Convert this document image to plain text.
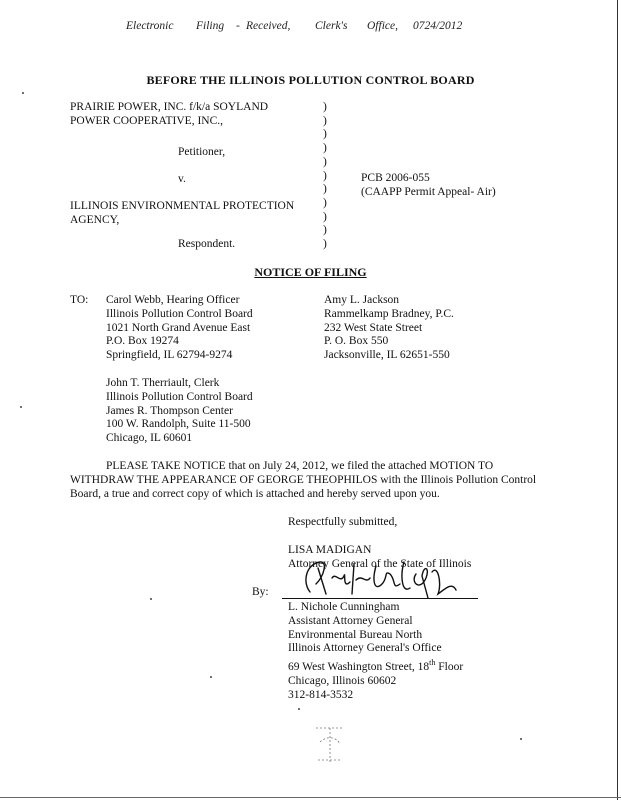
Electronic Filing - Received, Clerk's Office, 0724/2012
BEFORE THE ILLINOIS POLLUTION CONTROL BOARD
PRAIRIE POWER, INC. f/k/a SOYLAND
POWER COOPERATIVE, INC.,
Petitioner,
v.
ILLINOIS ENVIRONMENTAL PROTECTION
AGENCY,
Respondent.
)
)
)
)
)
)
)
)
)
)
)
PCB 2006-055
(CAAPP Permit Appeal- Air)
NOTICE OF FILING
TO: Carol Webb, Hearing Officer
Illinois Pollution Control Board
1021 North Grand Avenue East
P.O. Box 19274
Springfield, IL 62794-9274
Amy L. Jackson
Rammelkamp Bradney, P.C.
232 West State Street
P. O. Box 550
Jacksonville, IL 62651-550
John T. Therriault, Clerk
Illinois Pollution Control Board
James R. Thompson Center
100 W. Randolph, Suite 11-500
Chicago, IL 60601

PLEASE TAKE NOTICE that on July 24, 2012, we filed the attached MOTION TO WITHDRAW THE APPEARANCE OF GEORGE THEOPHILOS with the Illinois Pollution Control Board, a true and correct copy of which is attached and hereby served upon you.

Respectfully submitted,
LISA MADIGAN
Attorney General of the State of Illinois
By:
L. Nichole Cunningham
Assistant Attorney General
Environmental Bureau North
Illinois Attorney General's Office
69 West Washington Street, 18th Floor
Chicago, Illinois 60602
312-814-3532
